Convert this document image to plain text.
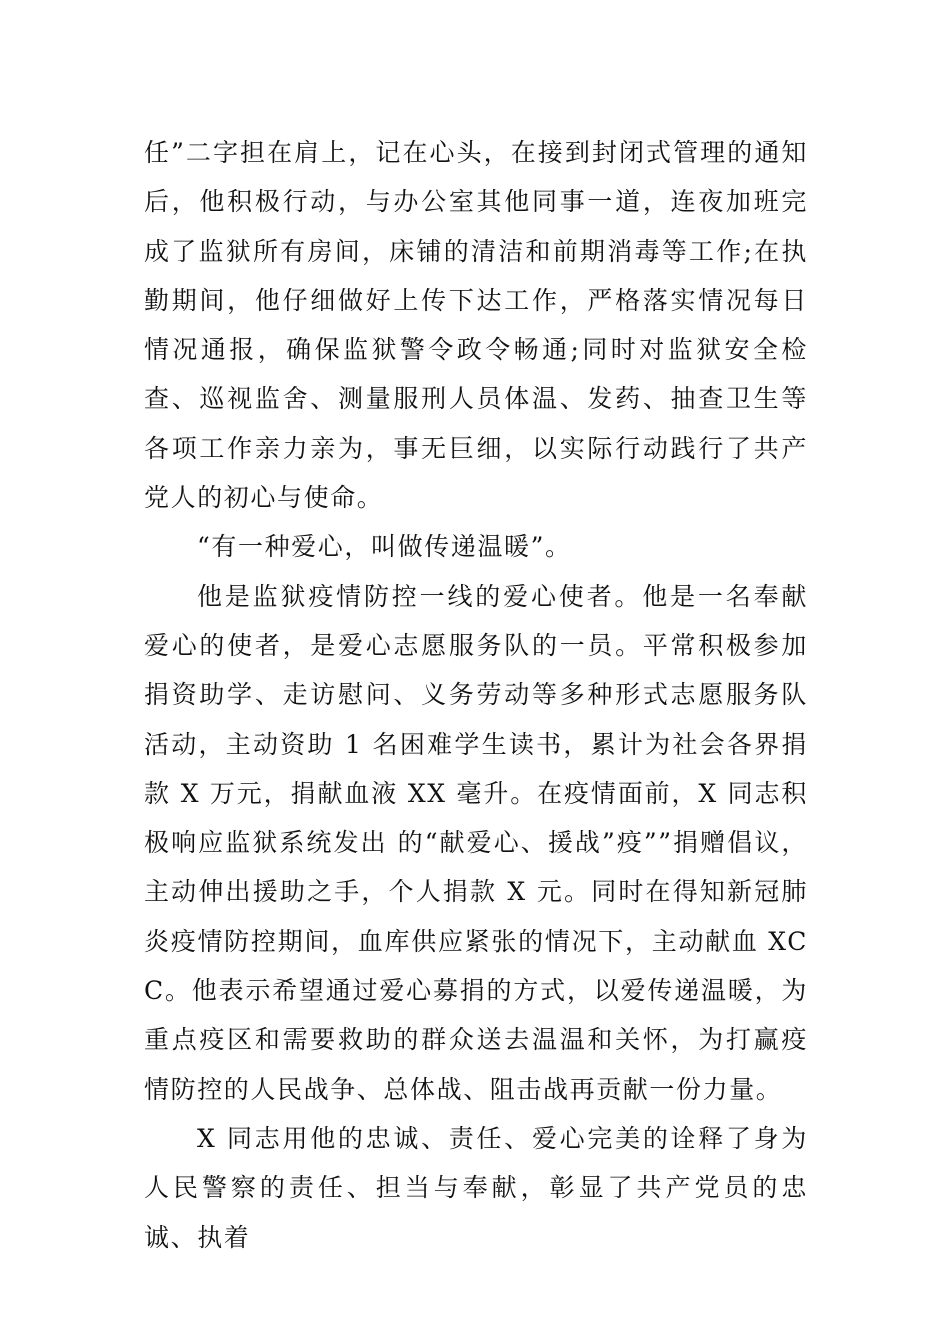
任”二字担在肩上，记在心头，在接到封闭式管理的通知后，他积极行动，与办公室其他同事一道，连夜加班完成了监狱所有房间，床铺的清洁和前期消毒等工作;在执勤期间，他仔细做好上传下达工作，严格落实情况每日情况通报，确保监狱警令政令畅通;同时对监狱安全检查、巡视监舍、测量服刑人员体温、发药、抽查卫生等各项工作亲力亲为，事无巨细，以实际行动践行了共产党人的初心与使命。

“有一种爱心，叫做传递温暖”。

他是监狱疫情防控一线的爱心使者。他是一名奉献爱心的使者，是爱心志愿服务队的一员。平常积极参加捐资助学、走访慰问、义务劳动等多种形式志愿服务队活动，主动资助 1 名困难学生读书，累计为社会各界捐款 X 万元，捐献血液 XX 毫升。在疫情面前，X 同志积极响应监狱系统发出 的“献爱心、援战”疫””捐赠倡议，主动伸出援助之手，个人捐款 X 元。同时在得知新冠肺炎疫情防控期间，血库供应紧张的情况下，主动献血 XCC。他表示希望通过爱心募捐的方式，以爱传递温暖，为重点疫区和需要救助的群众送去温温和关怀，为打赢疫情防控的人民战争、总体战、阻击战再贡献一份力量。

X 同志用他的忠诚、责任、爱心完美的诠释了身为人民警察的责任、担当与奉献，彰显了共产党员的忠诚、执着
